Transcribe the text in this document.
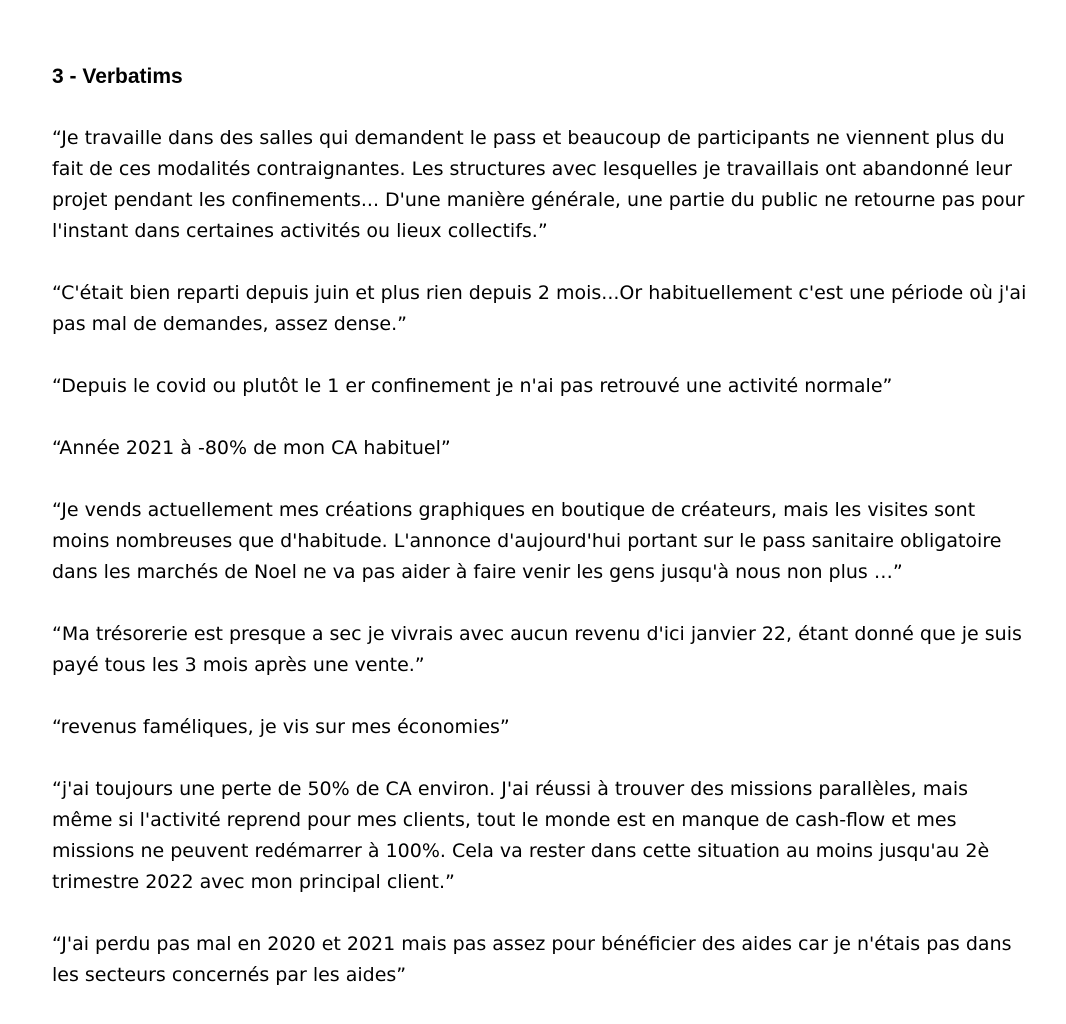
3 - Verbatims

“Je travaille dans des salles qui demandent le pass et beaucoup de participants ne viennent plus du fait de ces modalités contraignantes. Les structures avec lesquelles je travaillais ont abandonné leur projet pendant les confinements... D'une manière générale, une partie du public ne retourne pas pour l'instant dans certaines activités ou lieux collectifs.”

“C'était bien reparti depuis juin et plus rien depuis 2 mois...Or habituellement c'est une période où j'ai pas mal de demandes, assez dense.”

“Depuis le covid ou plutôt le 1 er confinement je n'ai pas retrouvé une activité normale”

“Année 2021 à -80% de mon CA habituel”

“Je vends actuellement mes créations graphiques en boutique de créateurs, mais les visites sont moins nombreuses que d'habitude. L'annonce d'aujourd'hui portant sur le pass sanitaire obligatoire dans les marchés de Noel ne va pas aider à faire venir les gens jusqu'à nous non plus …”

“Ma trésorerie est presque a sec je vivrais avec aucun revenu d'ici janvier 22, étant donné que je suis payé tous les 3 mois après une vente.”

“revenus faméliques, je vis sur mes économies”

“j'ai toujours une perte de 50% de CA environ. J'ai réussi à trouver des missions parallèles, mais même si l'activité reprend pour mes clients, tout le monde est en manque de cash-flow et mes missions ne peuvent redémarrer à 100%. Cela va rester dans cette situation au moins jusqu'au 2è trimestre 2022 avec mon principal client.”

“J'ai perdu pas mal en 2020 et 2021 mais pas assez pour bénéficier des aides car je n'étais pas dans les secteurs concernés par les aides”
